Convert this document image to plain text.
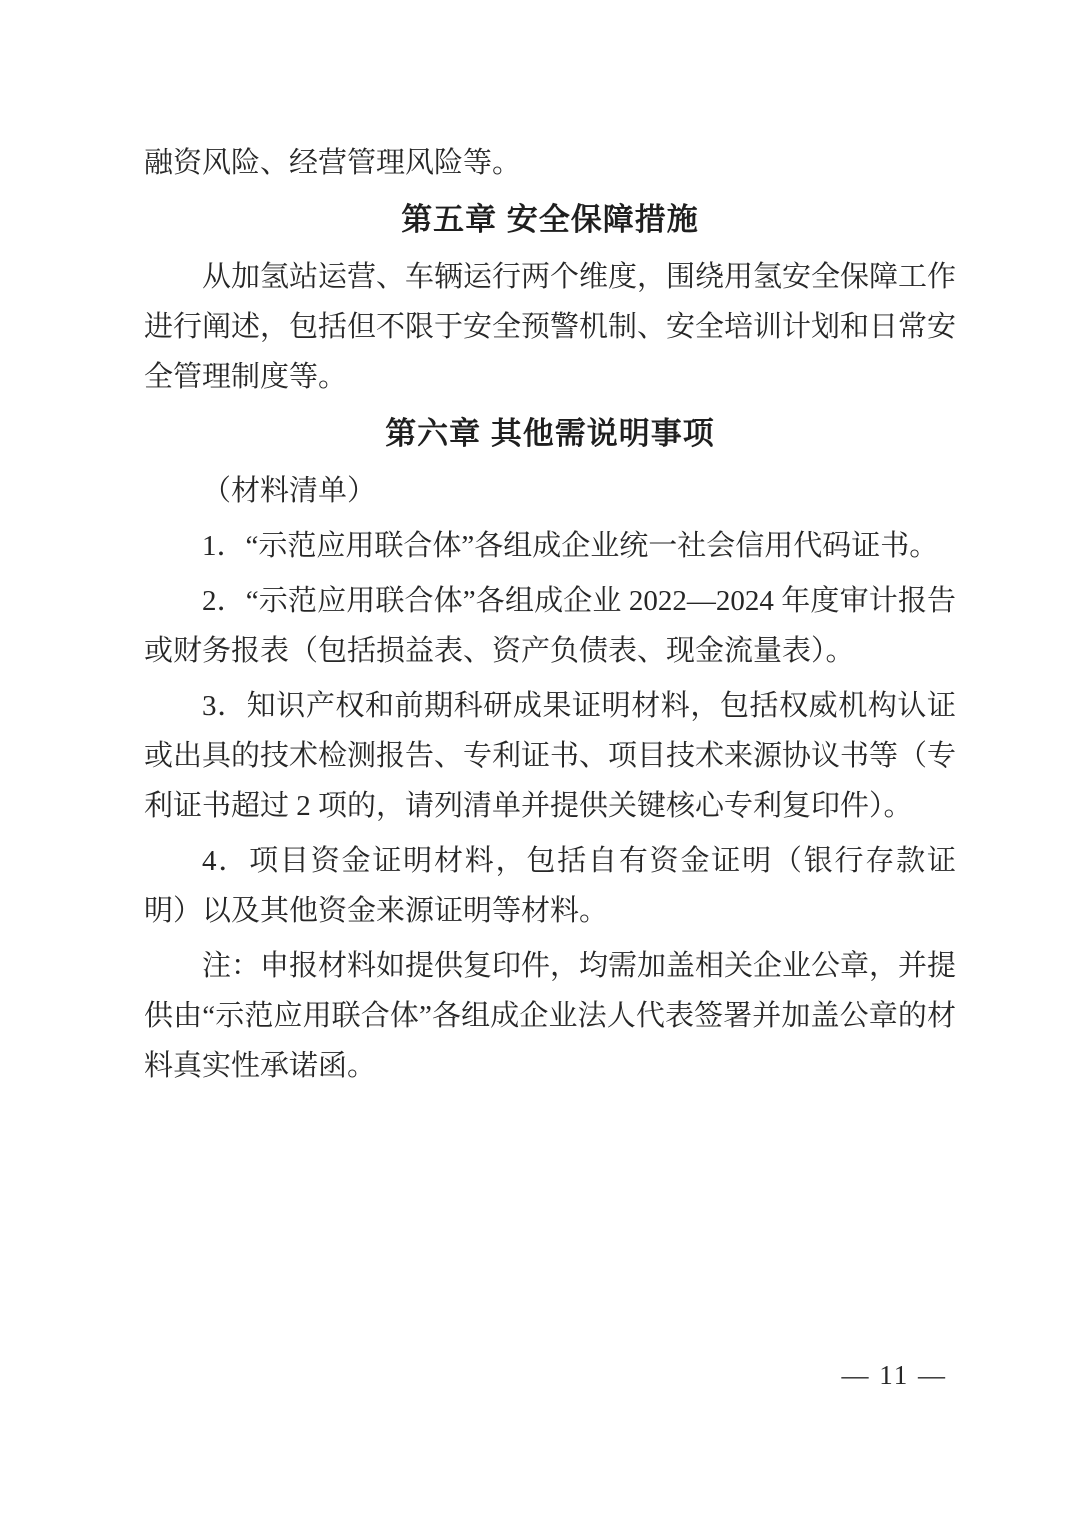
融资风险、经营管理风险等。

第五章 安全保障措施

从加氢站运营、车辆运行两个维度，围绕用氢安全保障工作进行阐述，包括但不限于安全预警机制、安全培训计划和日常安全管理制度等。

第六章 其他需说明事项

（材料清单）

1．“示范应用联合体”各组成企业统一社会信用代码证书。

2．“示范应用联合体”各组成企业 2022—2024 年度审计报告或财务报表（包括损益表、资产负债表、现金流量表）。

3．知识产权和前期科研成果证明材料，包括权威机构认证或出具的技术检测报告、专利证书、项目技术来源协议书等（专利证书超过 2 项的，请列清单并提供关键核心专利复印件）。

4．项目资金证明材料，包括自有资金证明（银行存款证明）以及其他资金来源证明等材料。

注：申报材料如提供复印件，均需加盖相关企业公章，并提供由“示范应用联合体”各组成企业法人代表签署并加盖公章的材料真实性承诺函。

— 11 —
